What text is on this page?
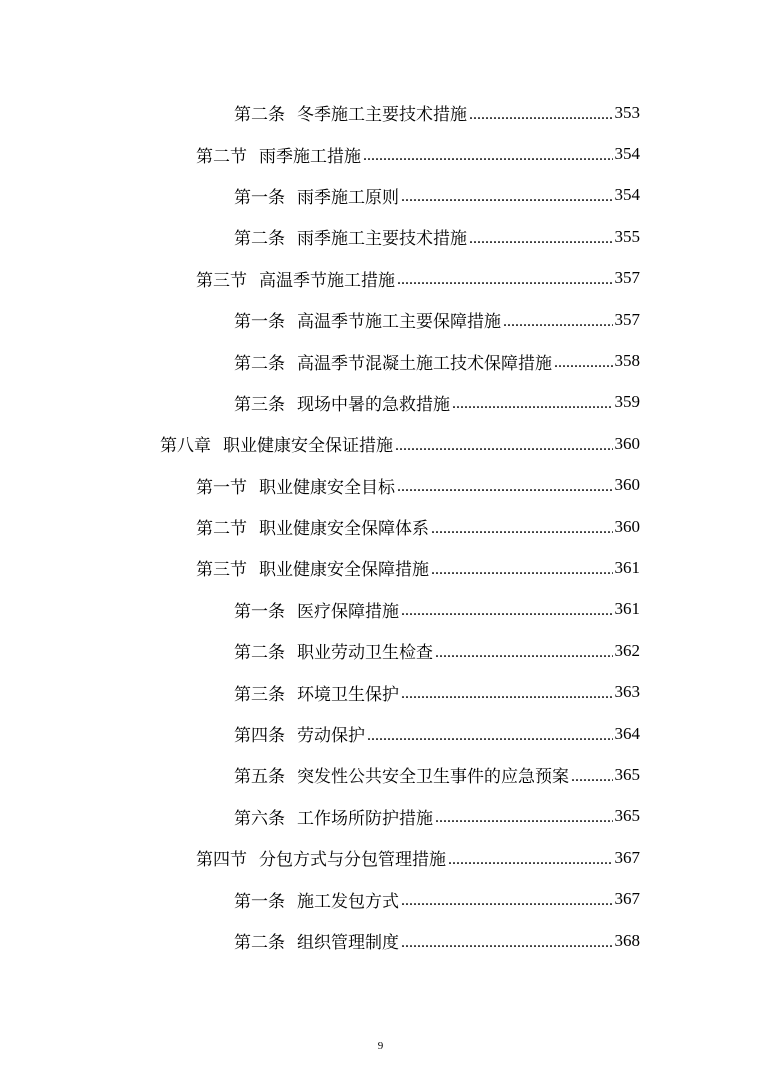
第二条 冬季施工主要技术措施 .....	353
第二节 雨季施工措施 .....	354
第一条 雨季施工原则 .....	354
第二条 雨季施工主要技术措施 .....	355
第三节 高温季节施工措施 .....	357
第一条 高温季节施工主要保障措施 .....	357
第二条 高温季节混凝土施工技术保障措施 .....	358
第三条 现场中暑的急救措施 .....	359
第八章 职业健康安全保证措施 .....	360
第一节 职业健康安全目标 .....	360
第二节 职业健康安全保障体系 .....	360
第三节 职业健康安全保障措施 .....	361
第一条 医疗保障措施 .....	361
第二条 职业劳动卫生检查 .....	362
第三条 环境卫生保护 .....	363
第四条 劳动保护 .....	364
第五条 突发性公共安全卫生事件的应急预案 .....	365
第六条 工作场所防护措施 .....	365
第四节 分包方式与分包管理措施 .....	367
第一条 施工发包方式 .....	367
第二条 组织管理制度 .....	368
9
